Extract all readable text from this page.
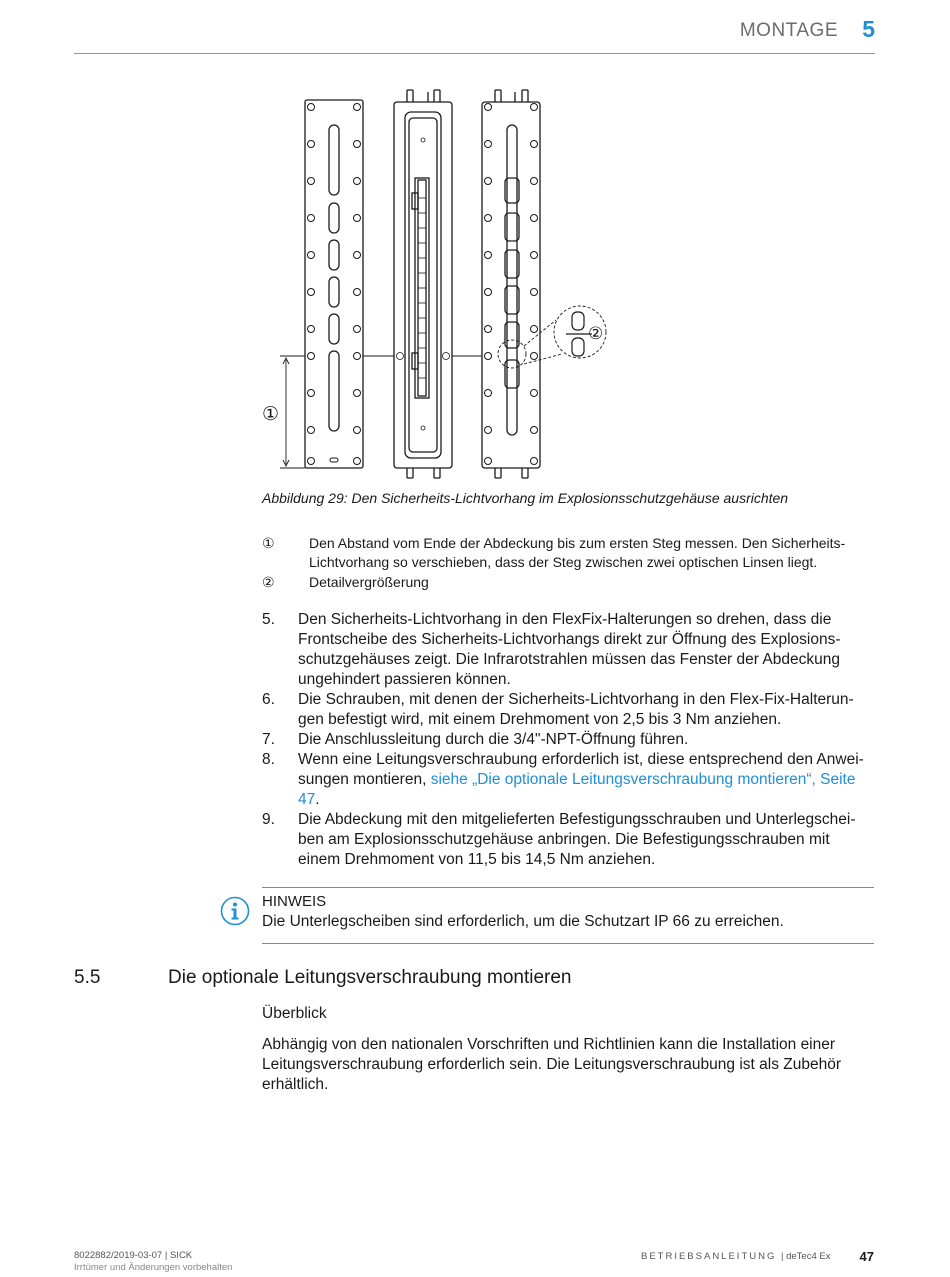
MONTAGE 5
①
②
Abbildung 29: Den Sicherheits-Lichtvorhang im Explosionsschutzgehäuse ausrichten
① Den Abstand vom Ende der Abdeckung bis zum ersten Steg messen. Den Sicherheits-Lichtvorhang so verschieben, dass der Steg zwischen zwei optischen Linsen liegt.
② Detailvergrößerung
5.	Den Sicherheits-Lichtvorhang in den FlexFix-Halterungen so drehen, dass die Frontscheibe des Sicherheits-Lichtvorhangs direkt zur Öffnung des Explosionsschutzgehäuses zeigt. Die Infrarotstrahlen müssen das Fenster der Abdeckung ungehindert passieren können.
6.	Die Schrauben, mit denen der Sicherheits-Lichtvorhang in den Flex-Fix-Halterungen befestigt wird, mit einem Drehmoment von 2,5 bis 3 Nm anziehen.
7.	Die Anschlussleitung durch die 3/4"-NPT-Öffnung führen.
8.	Wenn eine Leitungsverschraubung erforderlich ist, diese entsprechend den Anweisungen montieren, siehe „Die optionale Leitungsverschraubung montieren“, Seite 47.
9.	Die Abdeckung mit den mitgelieferten Befestigungsschrauben und Unterlegscheiben am Explosionsschutzgehäuse anbringen. Die Befestigungsschrauben mit einem Drehmoment von 11,5 bis 14,5 Nm anziehen.
HINWEIS
Die Unterlegscheiben sind erforderlich, um die Schutzart IP 66 zu erreichen.
5.5	Die optionale Leitungsverschraubung montieren
Überblick
Abhängig von den nationalen Vorschriften und Richtlinien kann die Installation einer Leitungsverschraubung erforderlich sein. Die Leitungsverschraubung ist als Zubehör erhältlich.
8022882/2019-03-07 | SICK
Irrtümer und Änderungen vorbehalten
BETRIEBSANLEITUNG | deTec4 Ex 47
